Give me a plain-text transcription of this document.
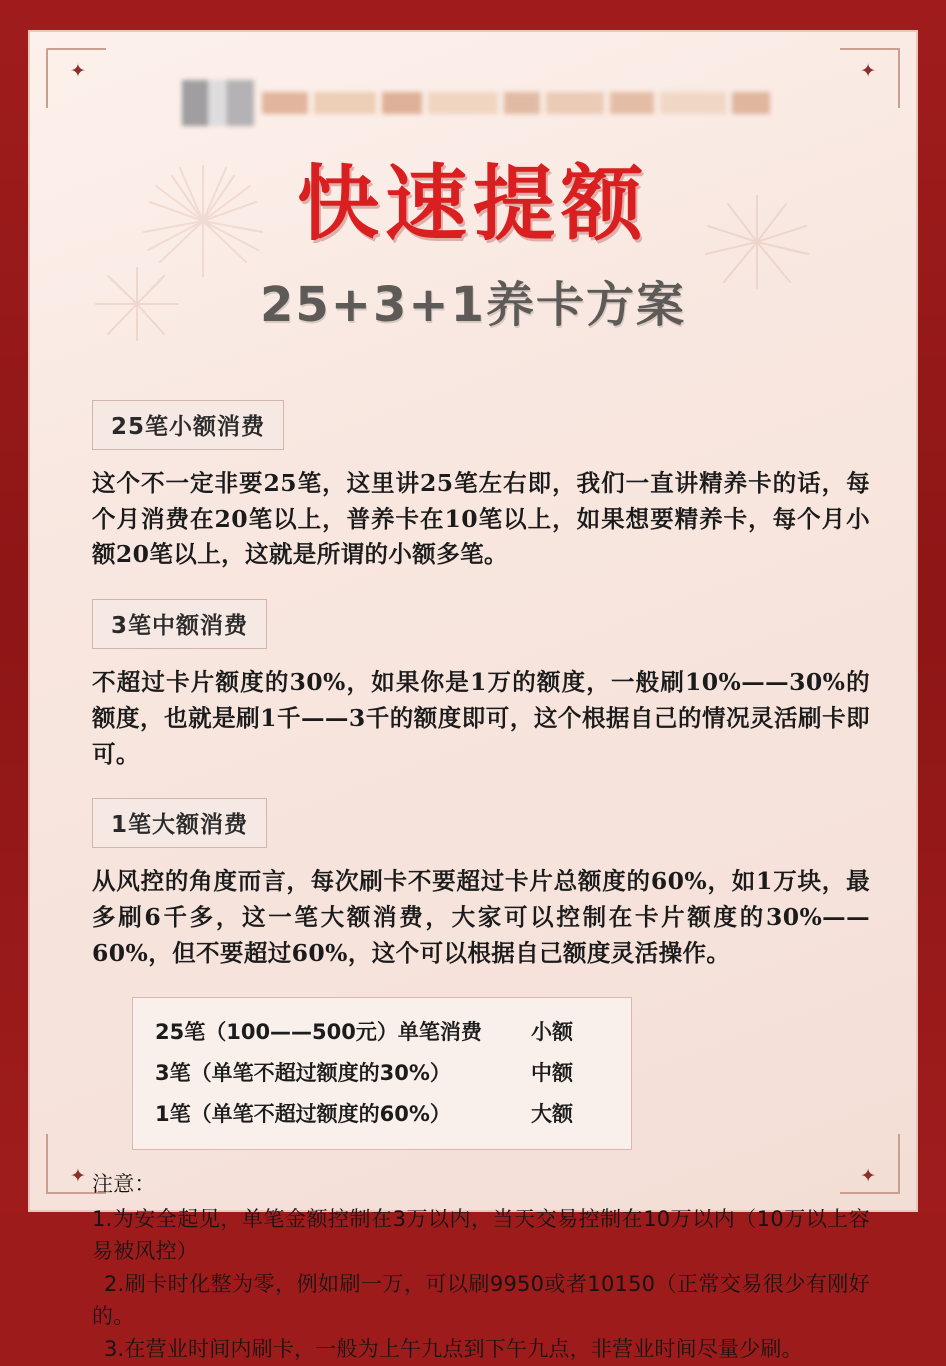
✦	✦
✦	✦
快速提额
25+3+1养卡方案
25笔小额消费
这个不一定非要25笔，这里讲25笔左右即，我们一直讲精养卡的话，每个月消费在20笔以上，普养卡在10笔以上，如果想要精养卡，每个月小额20笔以上，这就是所谓的小额多笔。
3笔中额消费
不超过卡片额度的30%，如果你是1万的额度，一般刷10%——30%的额度，也就是刷1千——3千的额度即可，这个根据自己的情况灵活刷卡即可。
1笔大额消费
从风控的角度而言，每次刷卡不要超过卡片总额度的60%，如1万块，最多刷6千多，这一笔大额消费，大家可以控制在卡片额度的30%——60%，但不要超过60%，这个可以根据自己额度灵活操作。
25笔（100——500元）单笔消费	小额
3笔（单笔不超过额度的30%）	中额
1笔（单笔不超过额度的60%）	大额
注意：
1.为安全起见，单笔金额控制在3万以内，当天交易控制在10万以内（10万以上容易被风控）
2.刷卡时化整为零，例如刷一万，可以刷9950或者10150（正常交易很少有刚好的。
3.在营业时间内刷卡，一般为上午九点到下午九点，非营业时间尽量少刷。
